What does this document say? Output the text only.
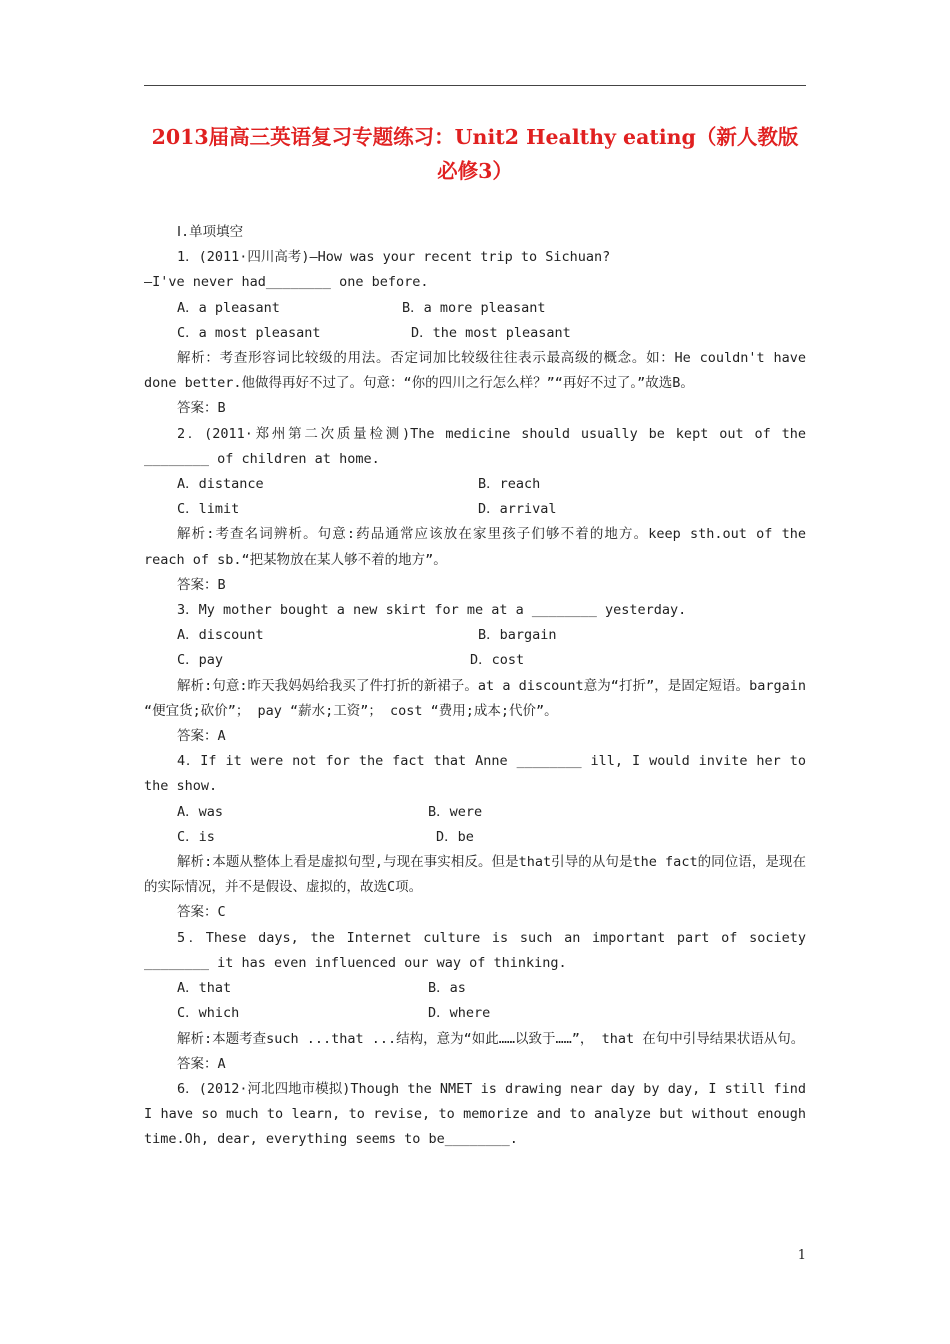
2013届高三英语复习专题练习：Unit2 Healthy eating（新人教版必修3）

Ⅰ.单项填空

1．(2011·四川高考)—How was your recent trip to Sichuan?

—I've never had________ one before.

A．a pleasant	B．a more pleasant
C．a most pleasant	D．the most pleasant

解析：考查形容词比较级的用法。否定词加比较级往往表示最高级的概念。如：He couldn't have done better.他做得再好不过了。句意：“你的四川之行怎么样？”“再好不过了。”故选B。

答案：B

2．(2011·郑州第二次质量检测)The medicine should usually be kept out of the ________ of children at home.

A．distance	B．reach
C．limit	D．arrival

解析:考查名词辨析。句意:药品通常应该放在家里孩子们够不着的地方。keep sth.out of the reach of sb.“把某物放在某人够不着的地方”。

答案：B

3．My mother bought a new skirt for me at a ________ yesterday.

A．discount	B．bargain
C．pay	D．cost

解析:句意:昨天我妈妈给我买了件打折的新裙子。at a discount意为“打折”，是固定短语。bargain “便宜货;砍价”； pay “薪水;工资”； cost “费用;成本;代价”。

答案：A

4．If it were not for the fact that Anne ________ ill, I would invite her to the show.

A．was	B．were
C．is	D．be

解析:本题从整体上看是虚拟句型,与现在事实相反。但是that引导的从句是the fact的同位语，是现在的实际情况，并不是假设、虚拟的，故选C项。

答案：C

5．These days, the Internet culture is such an important part of society ________ it has even influenced our way of thinking.

A．that	B．as
C．which	D．where

解析:本题考查such ...that ...结构，意为“如此……以致于……”， that 在句中引导结果状语从句。

答案：A

6．(2012·河北四地市模拟)Though the NMET is drawing near day by day, I still find I have so much to learn, to revise, to memorize and to analyze but without enough time.Oh, dear, everything seems to be________.

1
